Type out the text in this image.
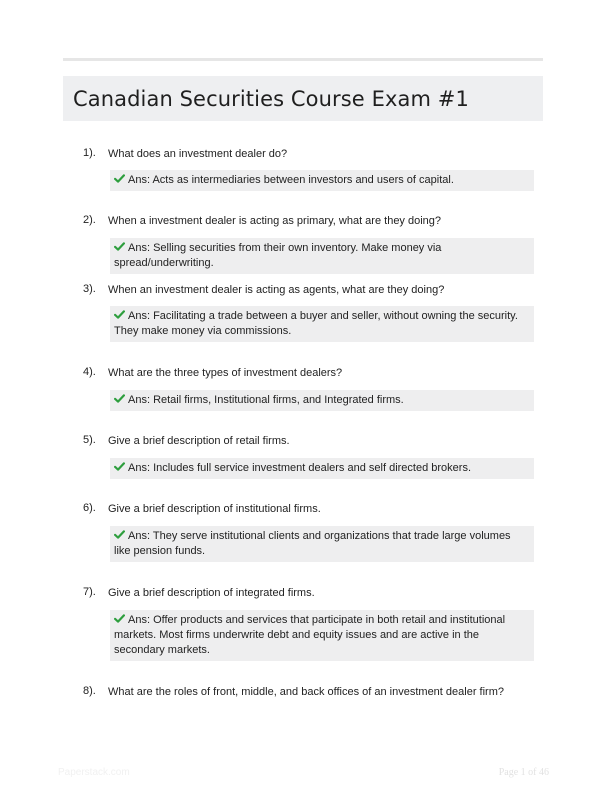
Canadian Securities Course Exam #1
1). What does an investment dealer do?
Ans: Acts as intermediaries between investors and users of capital.
2). When a investment dealer is acting as primary, what are they doing?
Ans: Selling securities from their own inventory. Make money via spread/underwriting.
3). When an investment dealer is acting as agents, what are they doing?
Ans: Facilitating a trade between a buyer and seller, without owning the security. They make money via commissions.
4). What are the three types of investment dealers?
Ans: Retail firms, Institutional firms, and Integrated firms.
5). Give a brief description of retail firms.
Ans: Includes full service investment dealers and self directed brokers.
6). Give a brief description of institutional firms.
Ans: They serve institutional clients and organizations that trade large volumes like pension funds.
7). Give a brief description of integrated firms.
Ans: Offer products and services that participate in both retail and institutional markets. Most firms underwrite debt and equity issues and are active in the secondary markets.
8). What are the roles of front, middle, and back offices of an investment dealer firm?
Paperstack.com	Page 1 of 46
